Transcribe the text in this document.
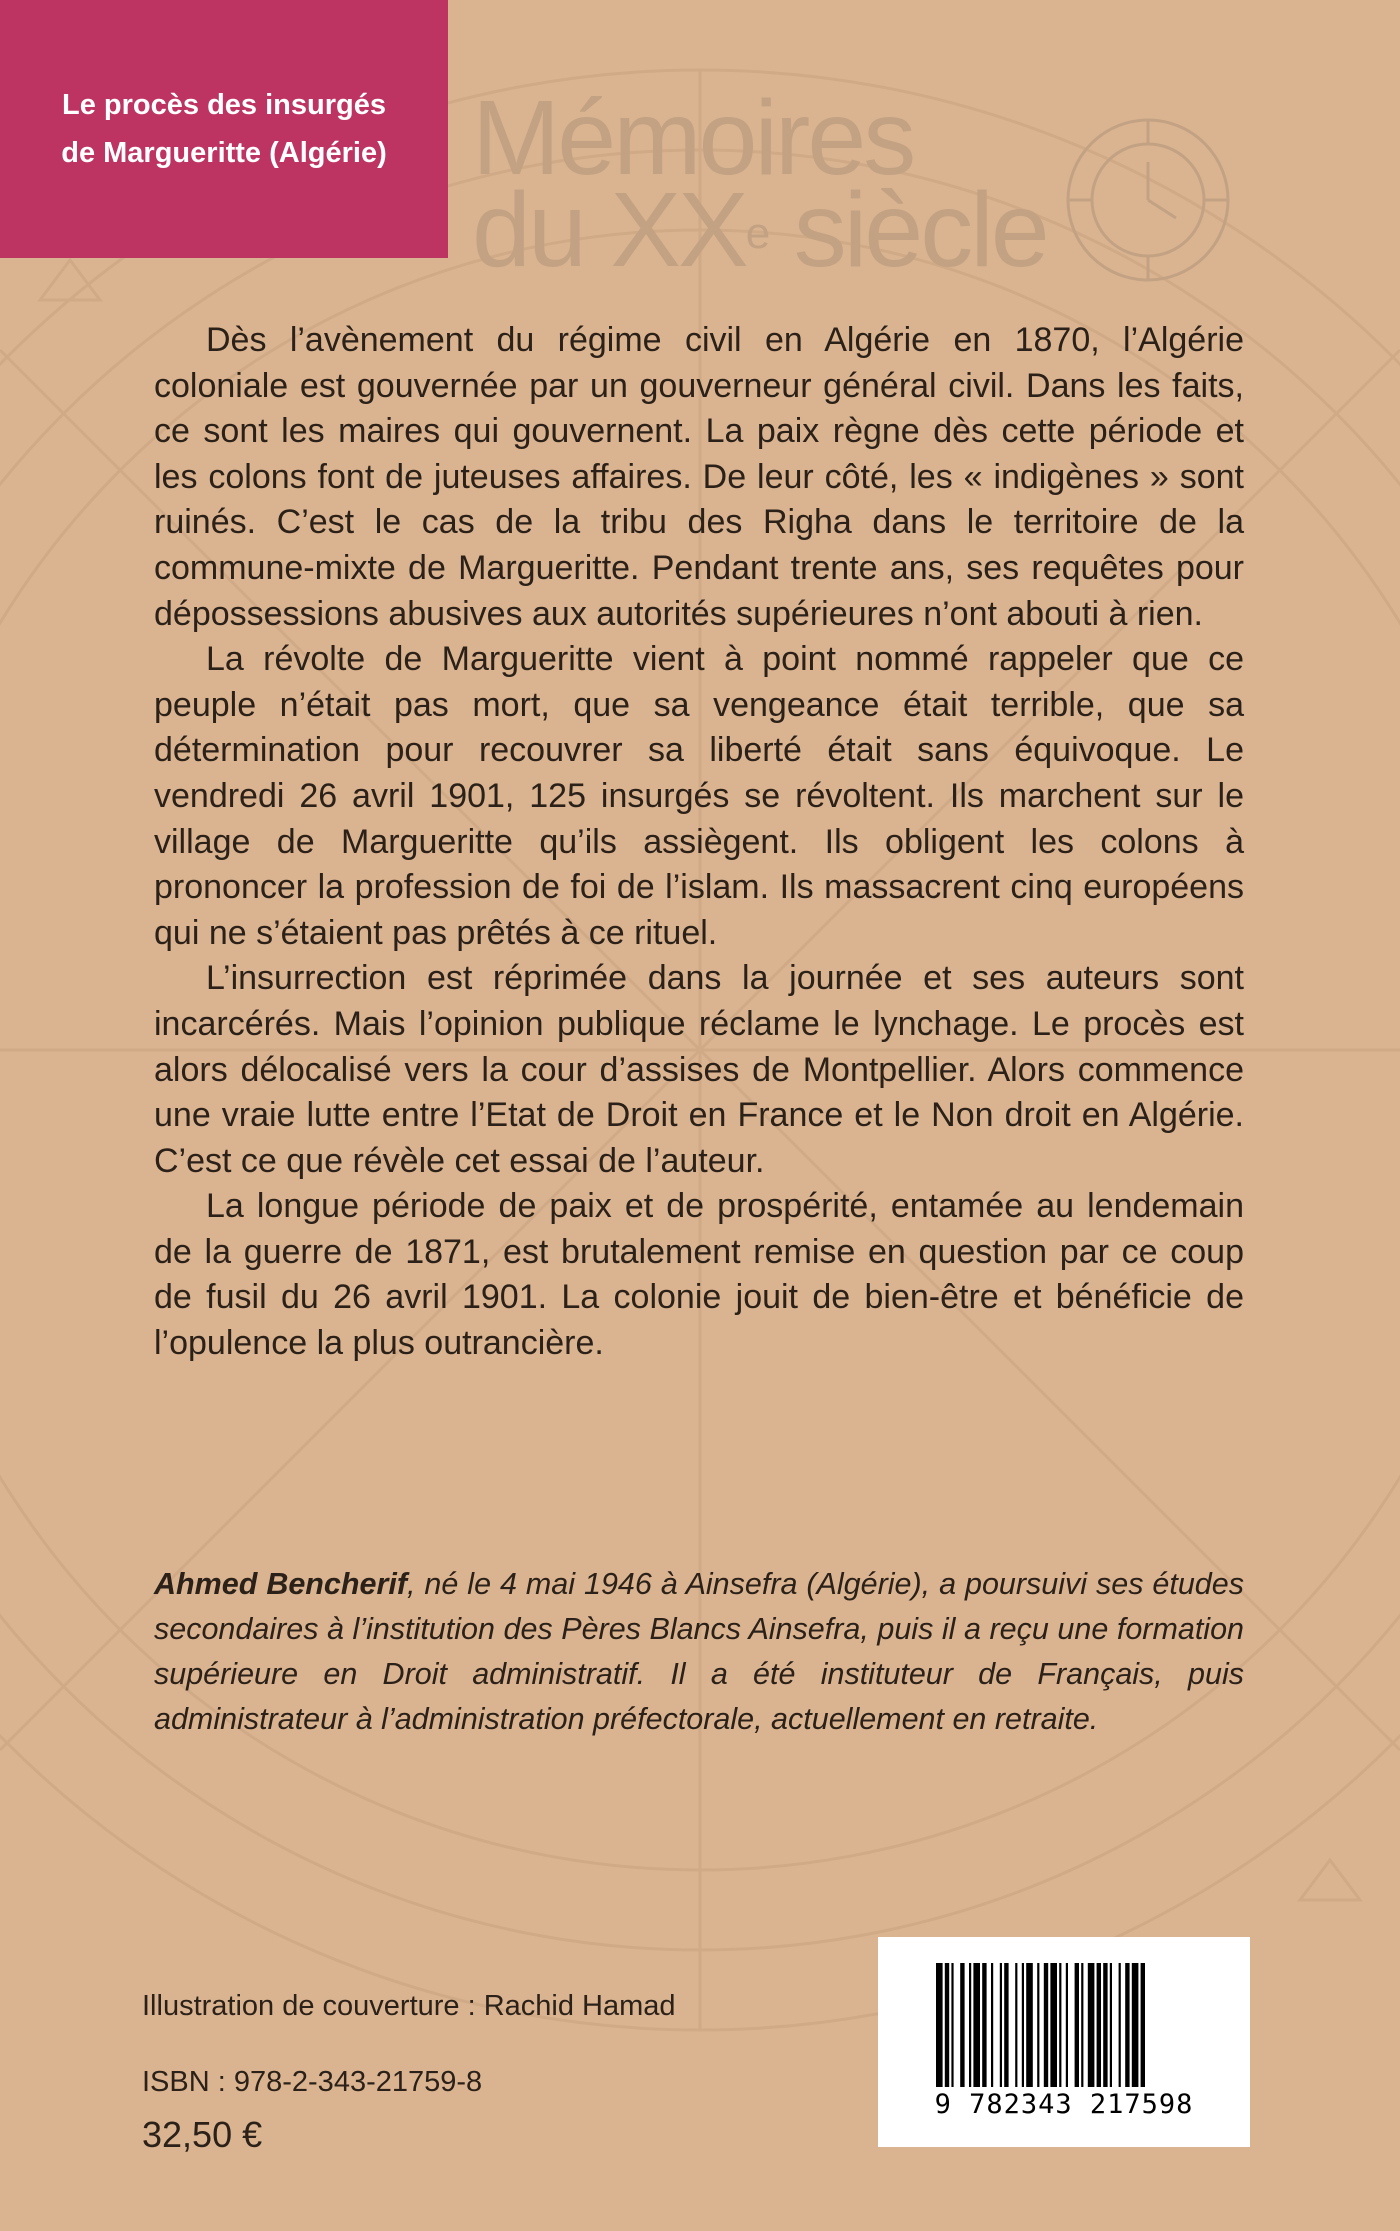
Le procès des insurgés
de Margueritte (Algérie) Mémoires
du XXe siècle

Dès l’avènement du régime civil en Algérie en 1870, l’Algérie coloniale est gouvernée par un gouverneur général civil. Dans les faits, ce sont les maires qui gouvernent. La paix règne dès cette période et les colons font de juteuses affaires. De leur côté, les « indigènes » sont ruinés. C’est le cas de la tribu des Righa dans le territoire de la commune-mixte de Margueritte. Pendant trente ans, ses requêtes pour dépossessions abusives aux autorités supérieures n’ont abouti à rien.

La révolte de Margueritte vient à point nommé rappeler que ce peuple n’était pas mort, que sa vengeance était terrible, que sa détermination pour recouvrer sa liberté était sans équivoque. Le vendredi 26 avril 1901, 125 insurgés se révoltent. Ils marchent sur le village de Margueritte qu’ils assiègent. Ils obligent les colons à prononcer la profession de foi de l’islam. Ils massacrent cinq européens qui ne s’étaient pas prêtés à ce rituel.

L’insurrection est réprimée dans la journée et ses auteurs sont incarcérés. Mais l’opinion publique réclame le lynchage. Le procès est alors délocalisé vers la cour d’assises de Montpellier. Alors commence une vraie lutte entre l’Etat de Droit en France et le Non droit en Algérie. C’est ce que révèle cet essai de l’auteur.

La longue période de paix et de prospérité, entamée au lendemain de la guerre de 1871, est brutalement remise en question par ce coup de fusil du 26 avril 1901. La colonie jouit de bien-être et bénéficie de l’opulence la plus outrancière.

Ahmed Bencherif, né le 4 mai 1946 à Ainsefra (Algérie), a poursuivi ses études secondaires à l’institution des Pères Blancs Ainsefra, puis il a reçu une formation supérieure en Droit administratif. Il a été instituteur de Français, puis administrateur à l’administration préfectorale, actuellement en retraite.

Illustration de couverture : Rachid Hamad
ISBN : 978-2-343-21759-8
32,50 €
9 782343 217598
